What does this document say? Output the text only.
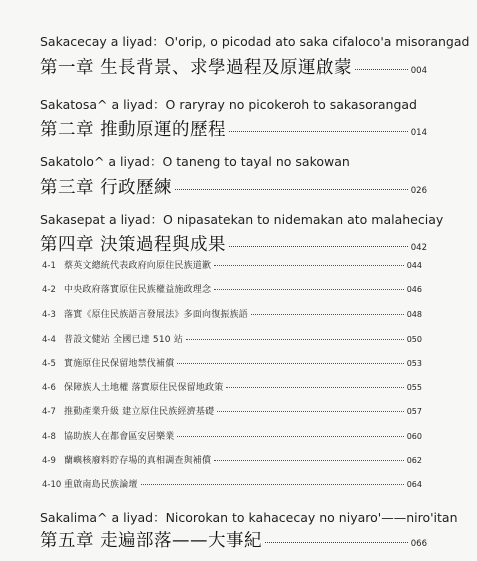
Sakacecay a liyad：O'orip, o picodad ato saka cifaloco'a misorangad
第一章 生長背景、求學過程及原運啟蒙	004
Sakatosa^ a liyad：O raryray no picokeroh to sakasorangad
第二章 推動原運的歷程	014
Sakatolo^ a liyad：O taneng to tayal no sakowan
第三章 行政歷練	026
Sakasepat a liyad：O nipasatekan to nidemakan ato malaheciay
第四章 決策過程與成果	042
4-1 蔡英文總統代表政府向原住民族道歉	044
4-2 中央政府落實原住民族權益施政理念	046
4-3 落實《原住民族語言發展法》多面向復振族語	048
4-4 普設文健站 全國已達 510 站	050
4-5 實施原住民保留地禁伐補償	053
4-6 保障族人土地權 落實原住民保留地政策	055
4-7 推動產業升級 建立原住民族經濟基礎	057
4-8 協助族人在都會區安居樂業	060
4-9 蘭嶼核廢料貯存場的真相調查與補償	062
4-10 重啟南島民族論壇	064
Sakalima^ a liyad：Nicorokan to kahacecay no niyaro'——niro'itan
第五章 走遍部落——大事紀	066
